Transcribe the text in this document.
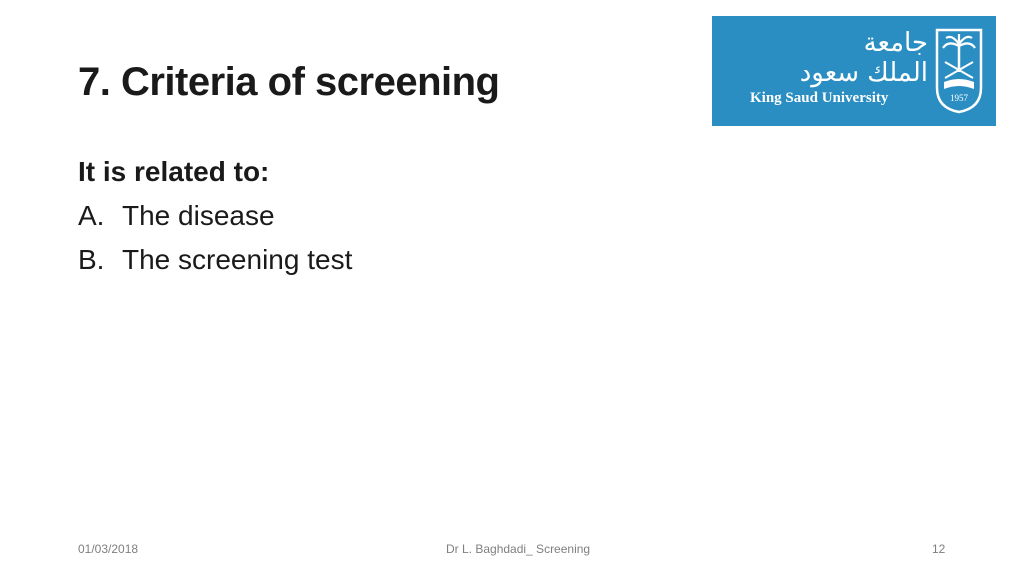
7. Criteria of screening
It is related to:
A. The disease
B. The screening test
جامعة
الملك سعود
King Saud University	1957
01/03/2018	Dr L. Baghdadi_ Screening	12
